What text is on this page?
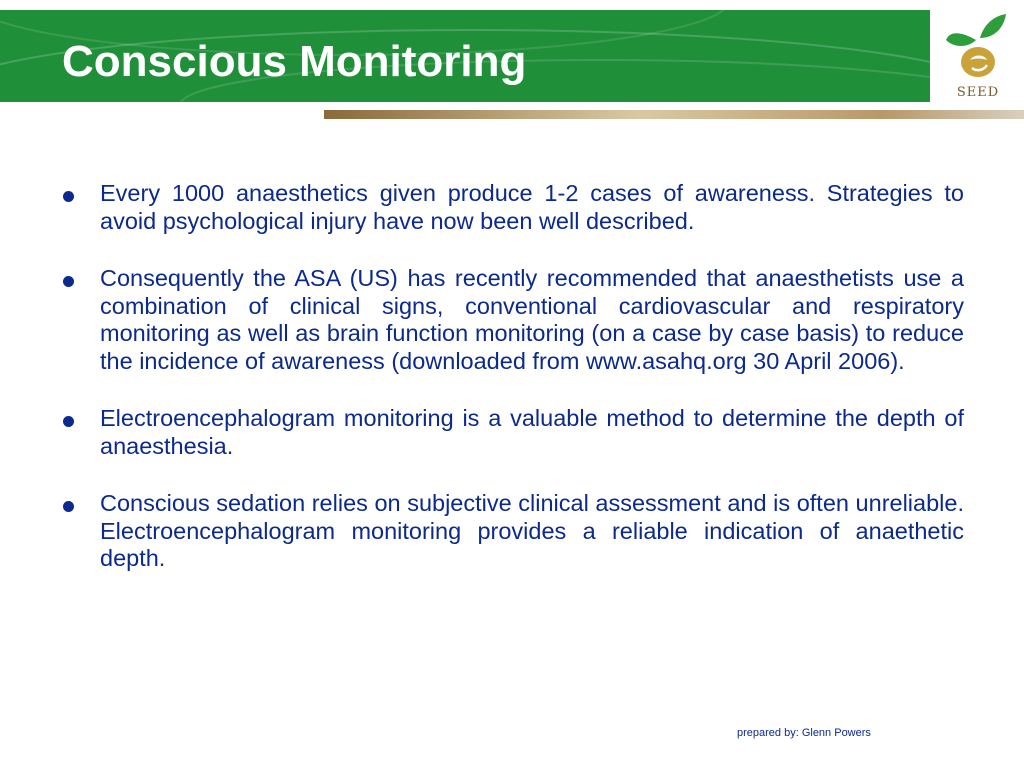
Conscious Monitoring
SEED
Every 1000 anaesthetics given produce 1-2 cases of awareness. Strategies to avoid psychological injury have now been well described.
Consequently the ASA (US) has recently recommended that anaesthetists use a combination of clinical signs, conventional cardiovascular and respiratory monitoring as well as brain function monitoring (on a case by case basis) to reduce the incidence of awareness (downloaded from www.asahq.org 30 April 2006).
Electroencephalogram monitoring is a valuable method to determine the depth of anaesthesia.
Conscious sedation relies on subjective clinical assessment and is often unreliable. Electroencephalogram monitoring provides a reliable indication of anaethetic depth.
prepared by: Glenn Powers
